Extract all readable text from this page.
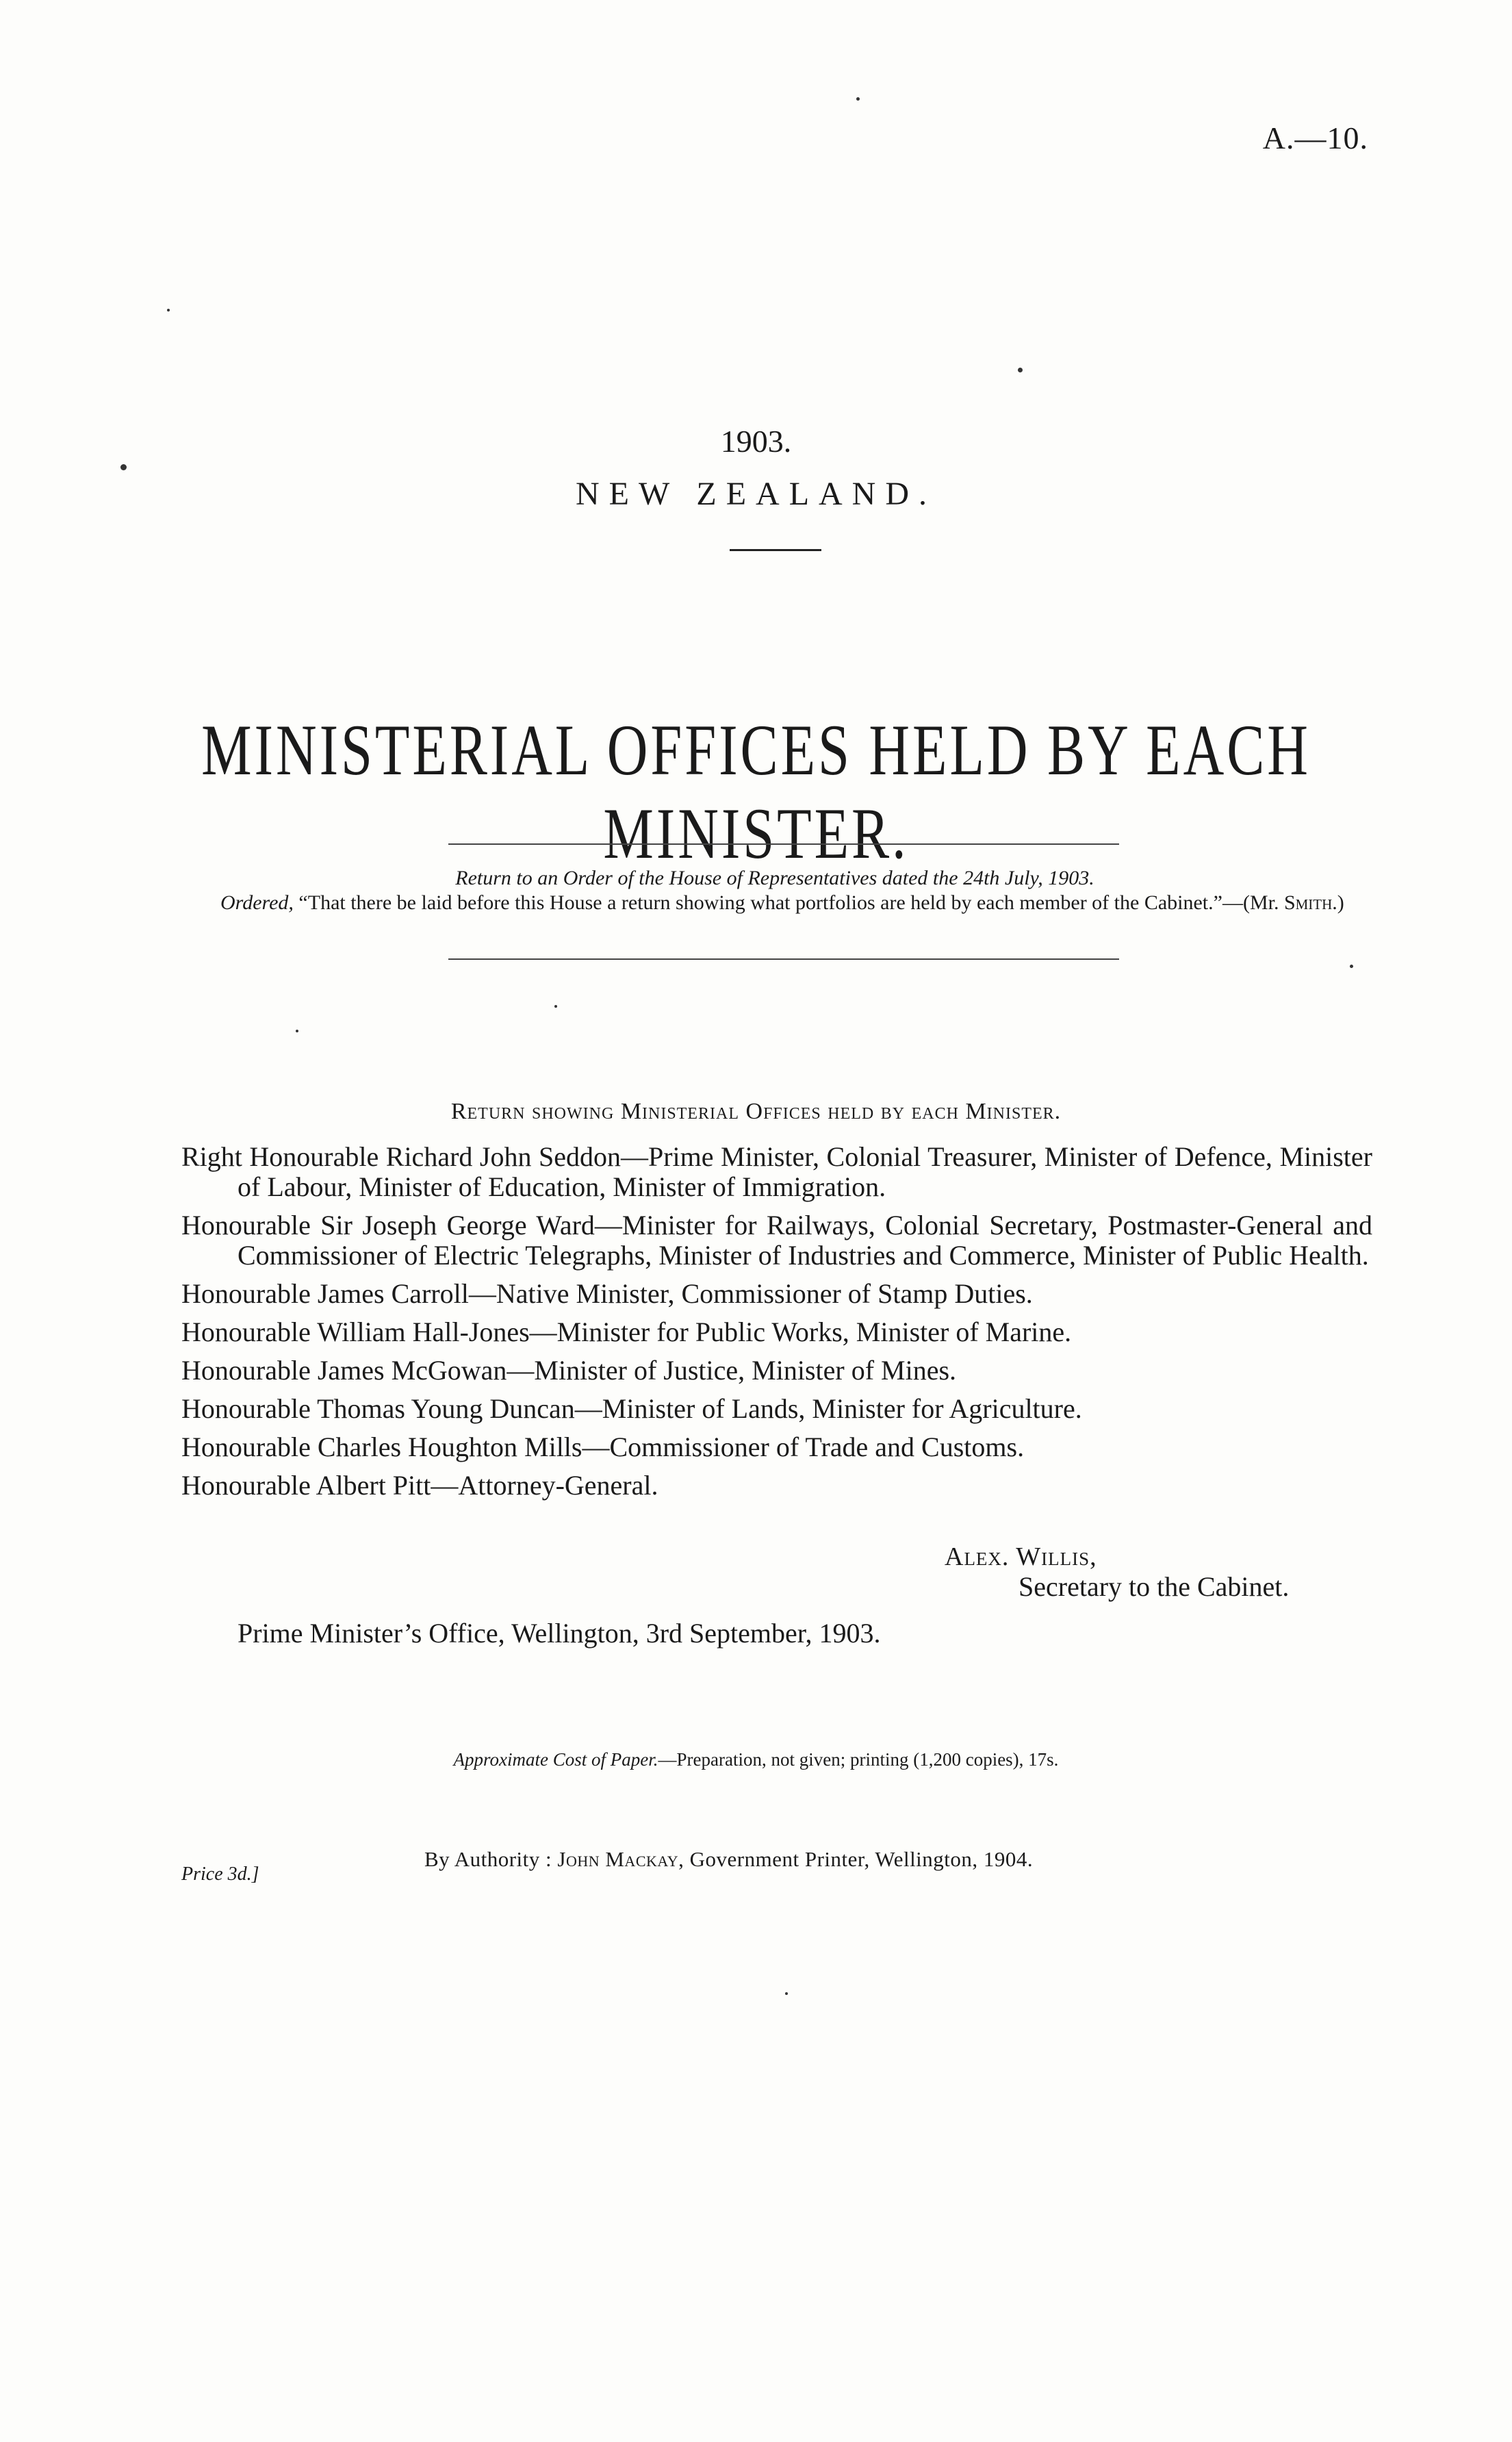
A.—10.
1903.
NEW ZEALAND.
MINISTERIAL OFFICES HELD BY EACH MINISTER.

Return to an Order of the House of Representatives dated the 24th July, 1903.

Ordered, “That there be laid before this House a return showing what portfolios are held by each member of the Cabinet.”—(Mr. Smith.)

Return showing Ministerial Offices held by each Minister.

Right Honourable Richard John Seddon—Prime Minister, Colonial Treasurer, Minister of Defence, Minister of Labour, Minister of Education, Minister of Immigration.

Honourable Sir Joseph George Ward—Minister for Railways, Colonial Secretary, Postmaster-General and Commissioner of Electric Telegraphs, Minister of Industries and Commerce, Minister of Public Health.

Honourable James Carroll—Native Minister, Commissioner of Stamp Duties.

Honourable William Hall-Jones—Minister for Public Works, Minister of Marine.

Honourable James McGowan—Minister of Justice, Minister of Mines.

Honourable Thomas Young Duncan—Minister of Lands, Minister for Agriculture.

Honourable Charles Houghton Mills—Commissioner of Trade and Customs.

Honourable Albert Pitt—Attorney-General.

Alex. Willis,
Secretary to the Cabinet.
Prime Minister’s Office, Wellington, 3rd September, 1903.
Approximate Cost of Paper.—Preparation, not given; printing (1,200 copies), 17s.
By Authority : John Mackay, Government Printer, Wellington, 1904.
Price 3d.]
